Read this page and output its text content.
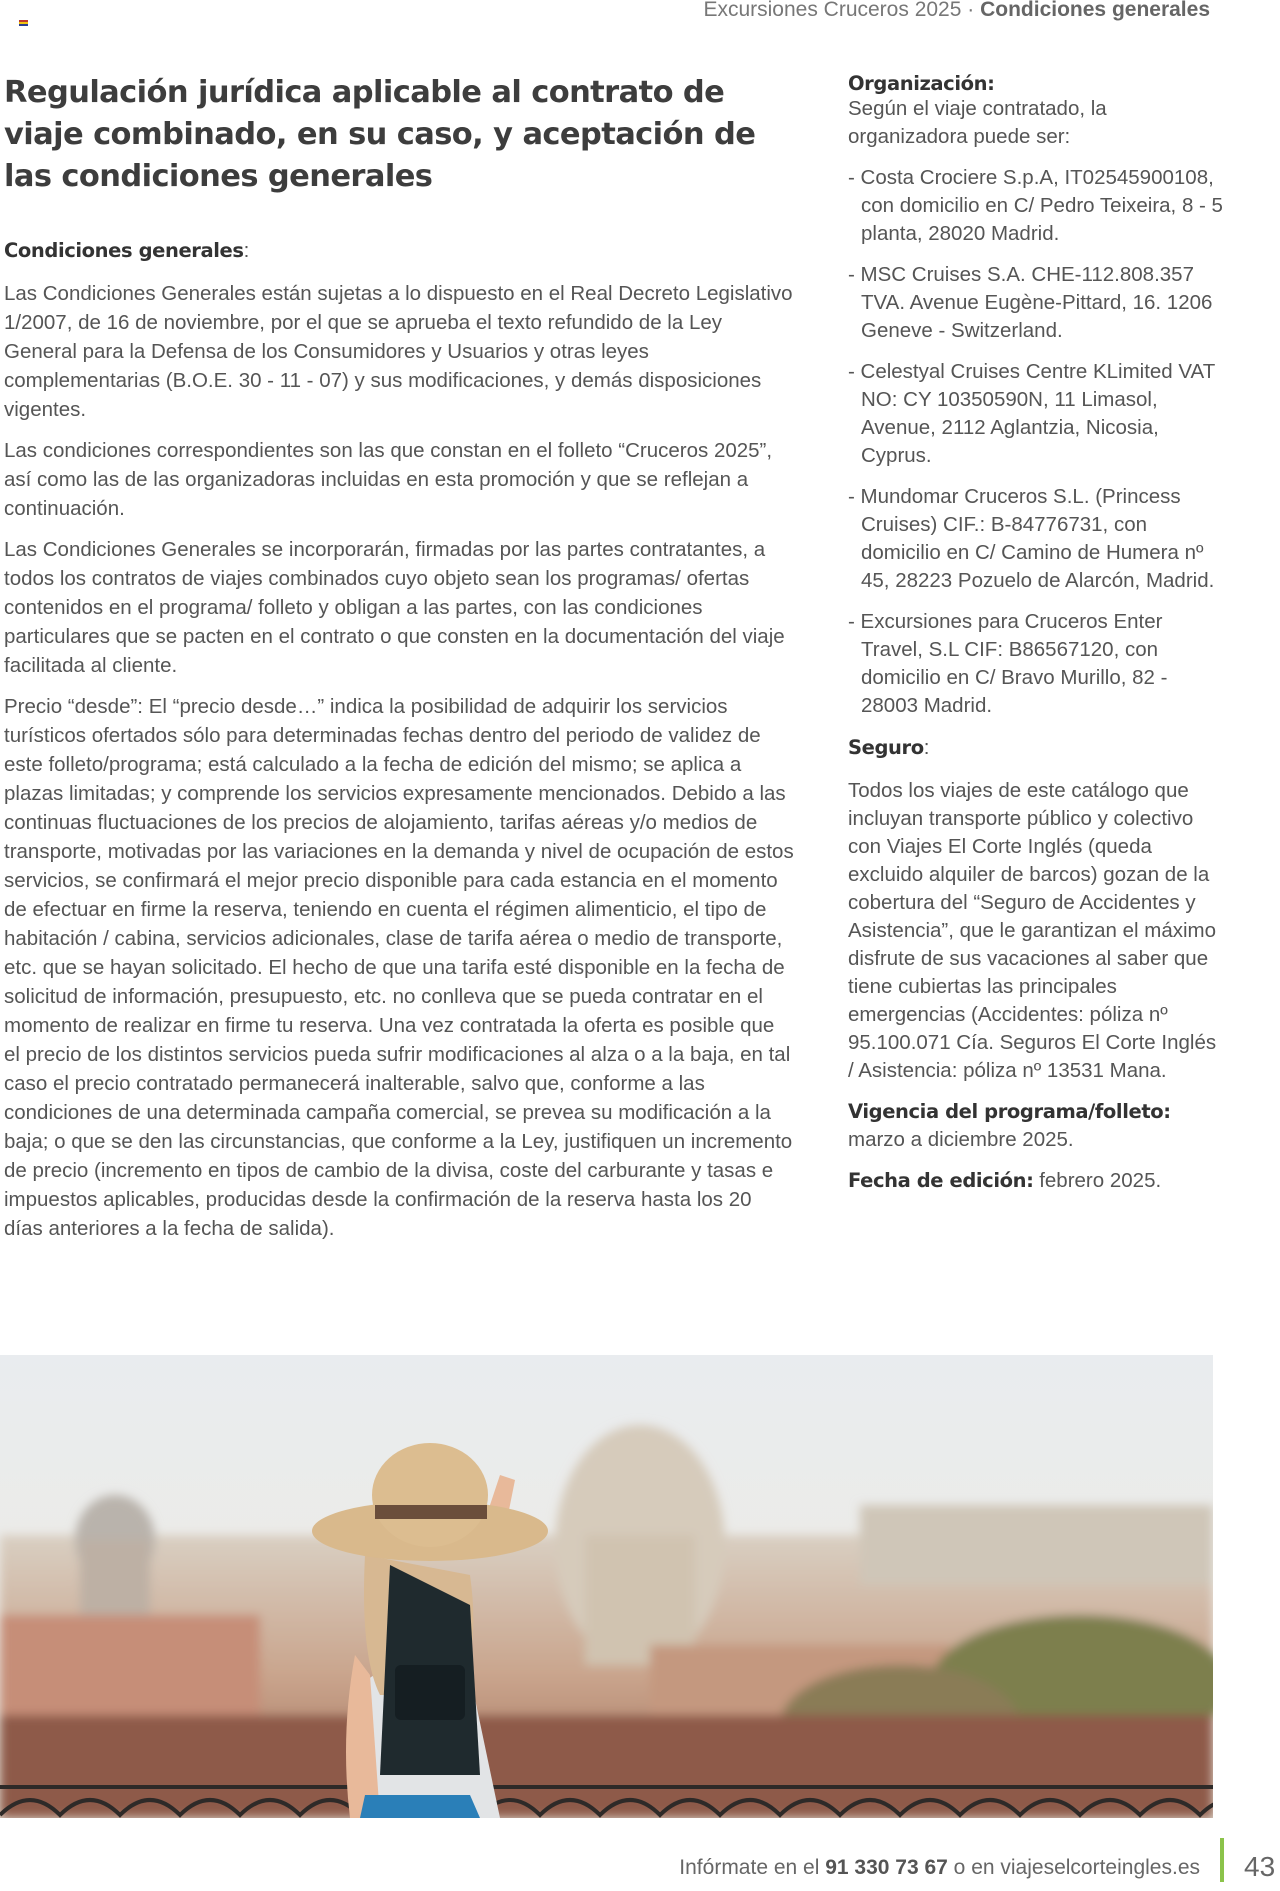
Excursiones Cruceros 2025 · Condiciones generales
Regulación jurídica aplicable al contrato de viaje combinado, en su caso, y aceptación de las condiciones generales
Condiciones generales:

Las Condiciones Generales están sujetas a lo dispuesto en el Real Decreto Legislativo 1/2007, de 16 de noviembre, por el que se aprueba el texto refundido de la Ley General para la Defensa de los Consumidores y Usuarios y otras leyes complementarias (B.O.E. 30 - 11 - 07) y sus modificaciones, y demás disposiciones vigentes.

Las condiciones correspondientes son las que constan en el folleto “Cruceros 2025”, así como las de las organizadoras incluidas en esta promoción y que se reflejan a continuación.

Las Condiciones Generales se incorporarán, firmadas por las partes contratantes, a todos los contratos de viajes combinados cuyo objeto sean los programas/ ofertas contenidos en el programa/ folleto y obligan a las partes, con las condiciones particulares que se pacten en el contrato o que consten en la documentación del viaje facilitada al cliente.

Precio “desde”: El “precio desde…” indica la posibilidad de adquirir los servicios turísticos ofertados sólo para determinadas fechas dentro del periodo de validez de este folleto/programa; está calculado a la fecha de edición del mismo; se aplica a plazas limitadas; y comprende los servicios expresamente mencionados. Debido a las continuas fluctuaciones de los precios de alojamiento, tarifas aéreas y/o medios de transporte, motivadas por las variaciones en la demanda y nivel de ocupación de estos servicios, se confirmará el mejor precio disponible para cada estancia en el momento de efectuar en firme la reserva, teniendo en cuenta el régimen alimenticio, el tipo de habitación / cabina, servicios adicionales, clase de tarifa aérea o medio de transporte, etc. que se hayan solicitado. El hecho de que una tarifa esté disponible en la fecha de solicitud de información, presupuesto, etc. no conlleva que se pueda contratar en el momento de realizar en firme tu reserva. Una vez contratada la oferta es posible que el precio de los distintos servicios pueda sufrir modificaciones al alza o a la baja, en tal caso el precio contratado permanecerá inalterable, salvo que, conforme a las condiciones de una determinada campaña comercial, se prevea su modificación a la baja; o que se den las circunstancias, que conforme a la Ley, justifiquen un incremento de precio (incremento en tipos de cambio de la divisa, coste del carburante y tasas e impuestos aplicables, producidas desde la confirmación de la reserva hasta los 20 días anteriores a la fecha de salida).

Organización:

Según el viaje contratado, la organizadora puede ser:

- Costa Crociere S.p.A, IT02545900108, con domicilio en C/ Pedro Teixeira, 8 - 5 planta, 28020 Madrid.

- MSC Cruises S.A. CHE-112.808.357 TVA. Avenue Eugène-Pittard, 16. 1206 Geneve - Switzerland.

- Celestyal Cruises Centre KLimited VAT NO: CY 10350590N, 11 Limasol, Avenue, 2112 Aglantzia, Nicosia, Cyprus.

- Mundomar Cruceros S.L. (Princess Cruises) CIF.: B-84776731, con domicilio en C/ Camino de Humera nº 45, 28223 Pozuelo de Alarcón, Madrid.

- Excursiones para Cruceros Enter Travel, S.L CIF: B86567120, con domicilio en C/ Bravo Murillo, 82 - 28003 Madrid.

Seguro:

Todos los viajes de este catálogo que incluyan transporte público y colectivo con Viajes El Corte Inglés (queda excluido alquiler de barcos) gozan de la cobertura del “Seguro de Accidentes y Asistencia”, que le garantizan el máximo disfrute de sus vacaciones al saber que tiene cubiertas las principales emergencias (Accidentes: póliza nº 95.100.071 Cía. Seguros El Corte Inglés / Asistencia: póliza nº 13531 Mana.

Vigencia del programa/folleto:
marzo a diciembre 2025.
Fecha de edición: febrero 2025.
Infórmate en el 91 330 73 67 o en viajeselcorteingles.es 43
